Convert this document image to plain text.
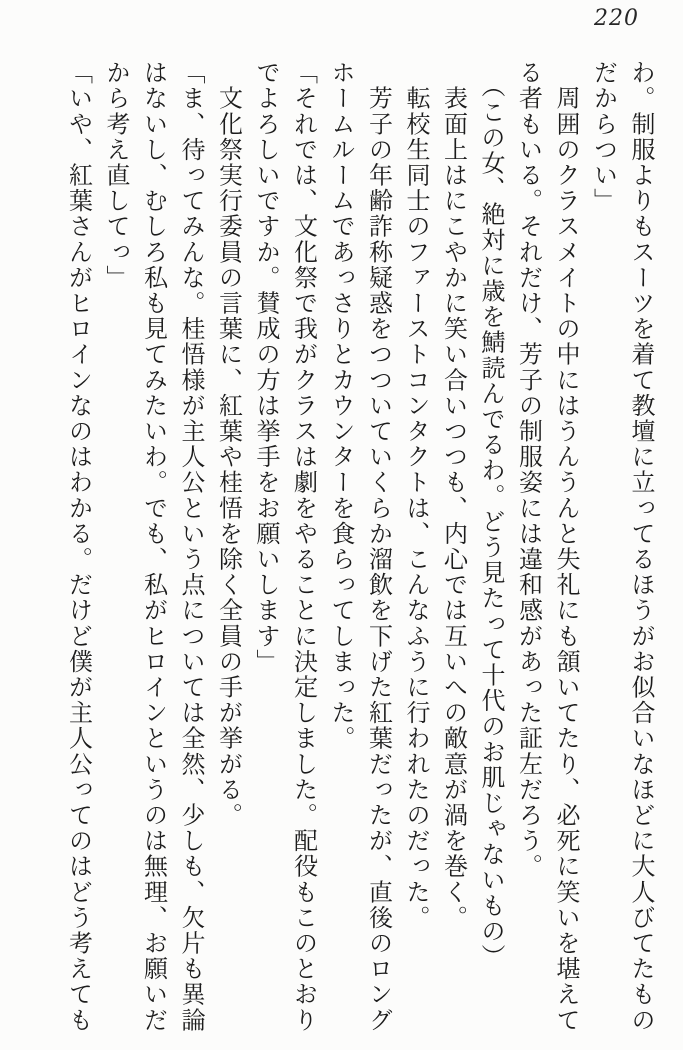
220

わ。制服よりもスーツを着て教壇に立ってるほうがお似合いなほどに大人びてたもの

だからつい」

　周囲のクラスメイトの中にはうんうんと失礼にも頷いてたり、必死に笑いを堪えて

る者もいる。それだけ、芳子の制服姿には違和感があった証左だろう。

　（この女、絶対に歳を鯖読んでるわ。どう見たって十代のお肌じゃないもの）

　表面上はにこやかに笑い合いつつも、内心では互いへの敵意が渦を巻く。

　転校生同士のファーストコンタクトは、こんなふうに行われたのだった。

　芳子の年齢詐称疑惑をつついていくらか溜飲を下げた紅葉だったが、直後のロング

ホームルームであっさりとカウンターを食らってしまった。

「それでは、文化祭で我がクラスは劇をやることに決定しました。配役もこのとおり

でよろしいですか。賛成の方は挙手をお願いします」

　文化祭実行委員の言葉に、紅葉や桂悟を除く全員の手が挙がる。

「ま、待ってみんな。桂悟様が主人公という点については全然、少しも、欠片も異論

はないし、むしろ私も見てみたいわ。でも、私がヒロインというのは無理、お願いだ

から考え直してっ」

「いや、紅葉さんがヒロインなのはわかる。だけど僕が主人公ってのはどう考えても
